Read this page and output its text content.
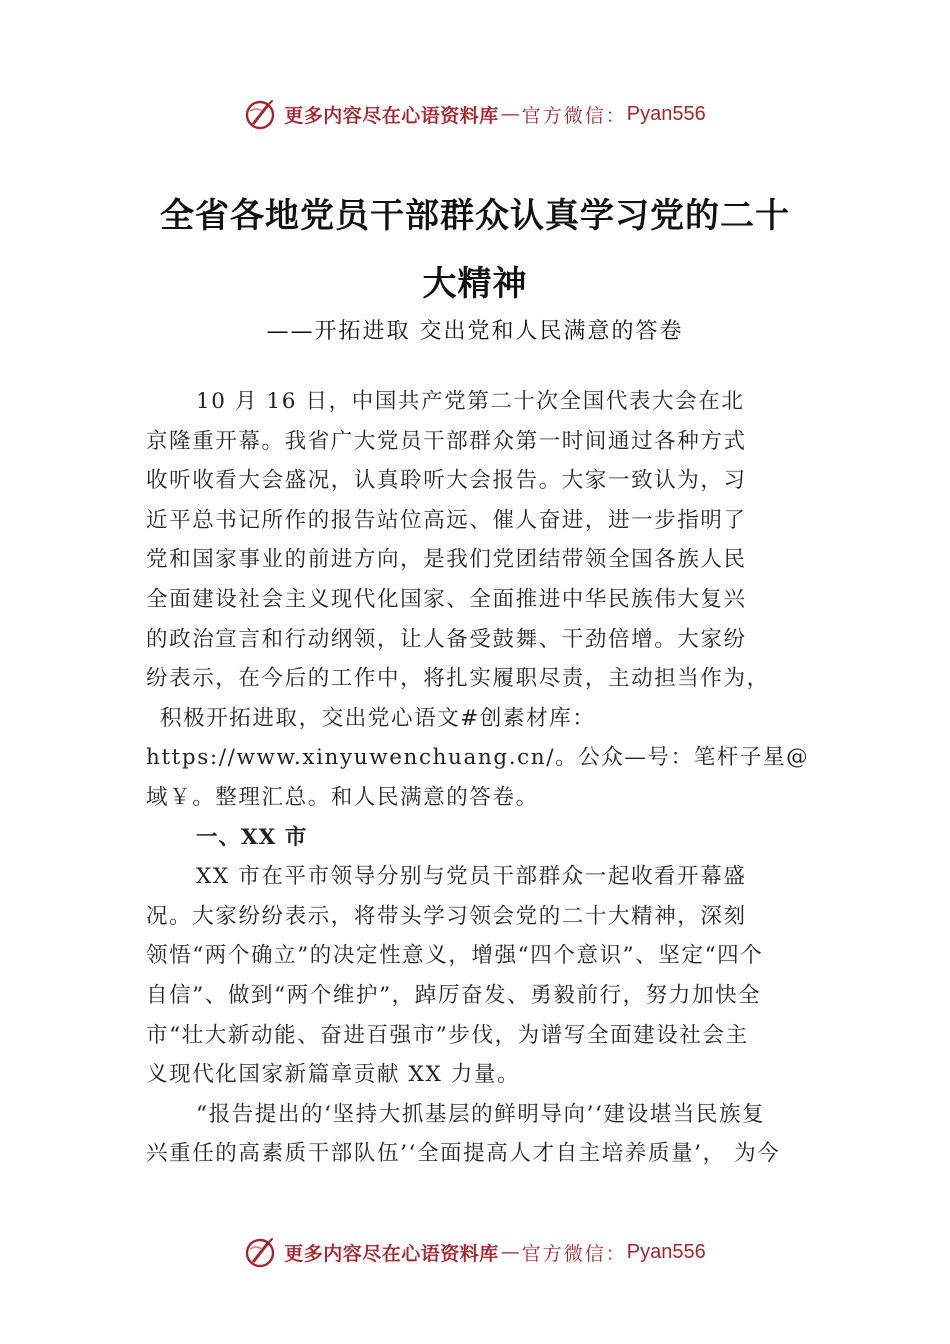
更多内容尽在心语资料库 — 官方微信： Pyan556
全省各地党员干部群众认真学习党的二十
大精神
——开拓进取 交出党和人民满意的答卷
10 月 16 日，中国共产党第二十次全国代表大会在北
京隆重开幕。我省广大党员干部群众第一时间通过各种方式
收听收看大会盛况，认真聆听大会报告。大家一致认为，习
近平总书记所作的报告站位高远、催人奋进，进一步指明了
党和国家事业的前进方向，是我们党团结带领全国各族人民
全面建设社会主义现代化国家、全面推进中华民族伟大复兴
的政治宣言和行动纲领，让人备受鼓舞、干劲倍增。大家纷
纷表示，在今后的工作中，将扎实履职尽责，主动担当作为，
积极开拓进取，交出党心语文#创素材库：
https://www.xinyuwenchuang.cn/。公众—号：笔杆子星@
域￥。整理汇总。和人民满意的答卷。
一、XX 市
XX 市在平市领导分别与党员干部群众一起收看开幕盛
况。大家纷纷表示，将带头学习领会党的二十大精神，深刻
领悟“两个确立”的决定性意义，增强“四个意识”、坚定“四个
自信”、做到“两个维护”，踔厉奋发、勇毅前行，努力加快全
市“壮大新动能、奋进百强市”步伐，为谱写全面建设社会主
义现代化国家新篇章贡献 XX 力量。
“报告提出的‘坚持大抓基层的鲜明导向’‘建设堪当民族复
兴重任的高素质干部队伍’‘全面提高人才自主培养质量’， 为今
更多内容尽在心语资料库 — 官方微信： Pyan556
